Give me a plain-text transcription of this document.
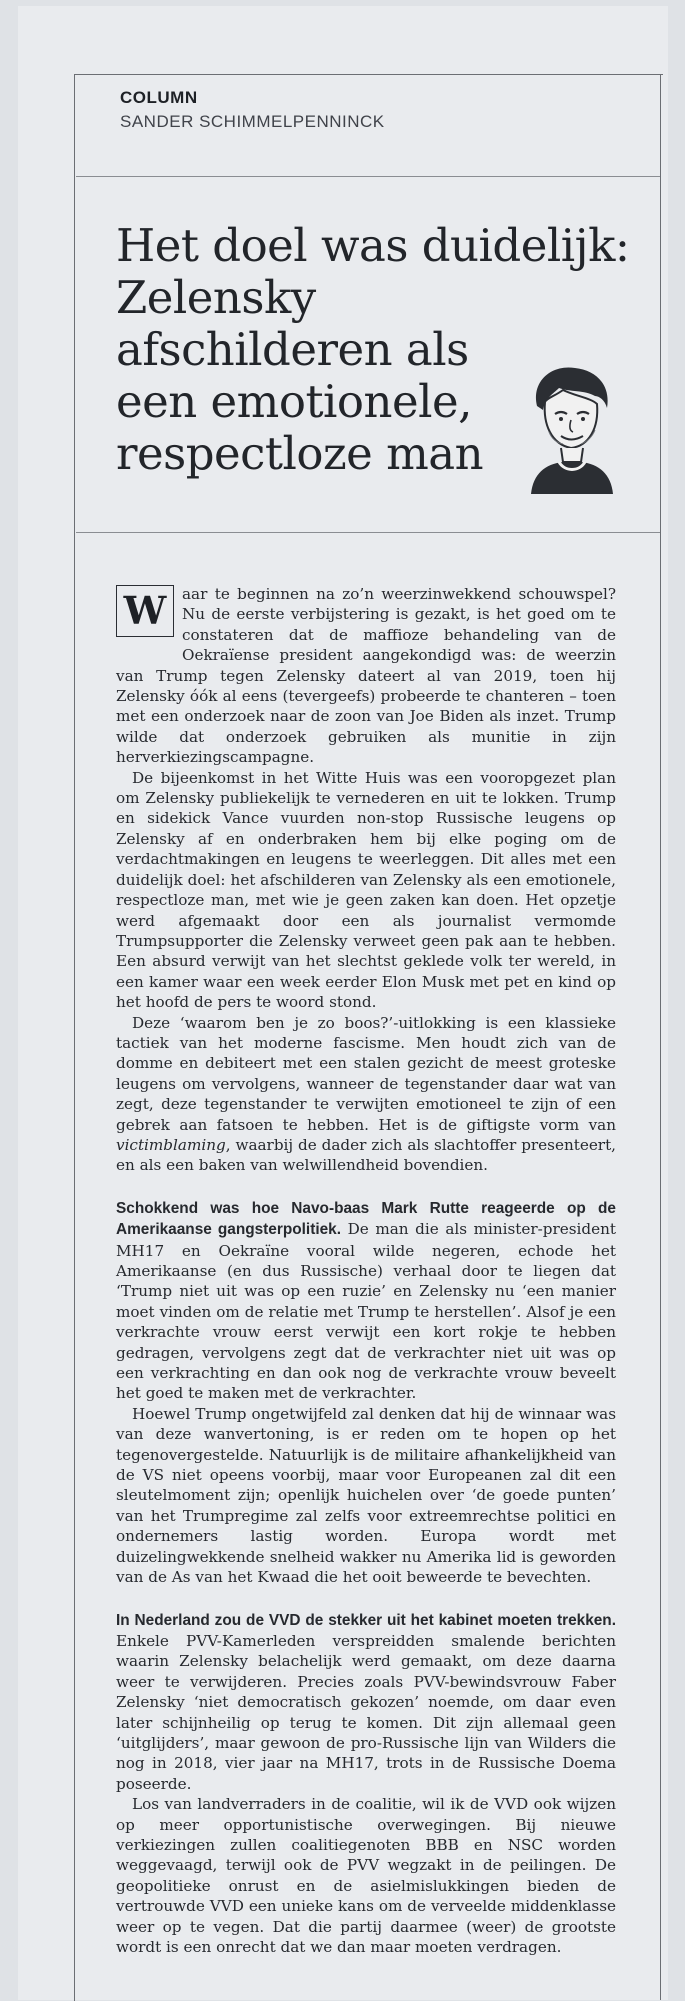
COLUMN
SANDER SCHIMMELPENNINCK
Het doel was duidelijk:
Zelensky
afschilderen als
een emotionele,
respectloze man
W	aar te beginnen na zo’n weerzinwekkend schouwspel? Nu de eerste verbijstering is gezakt, is het goed om te constateren dat de maffioze behandeling van de Oekraïense president aangekondigd was: de weerzin van Trump tegen Zelensky dateert al van 2019, toen hij Zelensky óók al eens (tevergeefs) probeerde te chanteren – toen met een onderzoek naar de zoon van Joe Biden als inzet. Trump wilde dat onderzoek gebruiken als munitie in zijn herverkiezingscampagne.

De bijeenkomst in het Witte Huis was een vooropgezet plan om Zelensky publiekelijk te vernederen en uit te lokken. Trump en sidekick Vance vuurden non-stop Russische leugens op Zelensky af en onderbraken hem bij elke poging om de verdachtmakingen en leugens te weerleggen. Dit alles met een duidelijk doel: het afschilderen van Zelensky als een emotionele, respectloze man, met wie je geen zaken kan doen. Het opzetje werd afgemaakt door een als journalist vermomde Trumpsupporter die Zelensky verweet geen pak aan te hebben. Een absurd verwijt van het slechtst geklede volk ter wereld, in een kamer waar een week eerder Elon Musk met pet en kind op het hoofd de pers te woord stond.

Deze ‘waarom ben je zo boos?’-uitlokking is een klassieke tactiek van het moderne fascisme. Men houdt zich van de domme en debiteert met een stalen gezicht de meest groteske leugens om vervolgens, wanneer de tegenstander daar wat van zegt, deze tegenstander te verwijten emotioneel te zijn of een gebrek aan fatsoen te hebben. Het is de giftigste vorm van victimblaming, waarbij de dader zich als slachtoffer presenteert, en als een baken van welwillendheid bovendien.

Schokkend was hoe Navo-baas Mark Rutte reageerde op de Amerikaanse gangsterpolitiek. De man die als minister-president MH17 en Oekraïne vooral wilde negeren, echode het Amerikaanse (en dus Russische) verhaal door te liegen dat ‘Trump niet uit was op een ruzie’ en Zelensky nu ‘een manier moet vinden om de relatie met Trump te herstellen’. Alsof je een verkrachte vrouw eerst verwijt een kort rokje te hebben gedragen, vervolgens zegt dat de verkrachter niet uit was op een verkrachting en dan ook nog de verkrachte vrouw beveelt het goed te maken met de verkrachter.

Hoewel Trump ongetwijfeld zal denken dat hij de winnaar was van deze wanvertoning, is er reden om te hopen op het tegenovergestelde. Natuurlijk is de militaire afhankelijkheid van de VS niet opeens voorbij, maar voor Europeanen zal dit een sleutelmoment zijn; openlijk huichelen over ‘de goede punten’ van het Trumpregime zal zelfs voor extreemrechtse politici en ondernemers lastig worden. Europa wordt met duizelingwekkende snelheid wakker nu Amerika lid is geworden van de As van het Kwaad die het ooit beweerde te bevechten.

In Nederland zou de VVD de stekker uit het kabinet moeten trekken. Enkele PVV-Kamerleden verspreidden smalende berichten waarin Zelensky belachelijk werd gemaakt, om deze daarna weer te verwijderen. Precies zoals PVV-bewindsvrouw Faber Zelensky ‘niet democratisch gekozen’ noemde, om daar even later schijnheilig op terug te komen. Dit zijn allemaal geen ‘uitglijders’, maar gewoon de pro-Russische lijn van Wilders die nog in 2018, vier jaar na MH17, trots in de Russische Doema poseerde.

Los van landverraders in de coalitie, wil ik de VVD ook wijzen op meer opportunistische overwegingen. Bij nieuwe verkiezingen zullen coalitiegenoten BBB en NSC worden weggevaagd, terwijl ook de PVV wegzakt in de peilingen. De geopolitieke onrust en de asielmislukkingen bieden de vertrouwde VVD een unieke kans om de verveelde middenklasse weer op te vegen. Dat die partij daarmee (weer) de grootste wordt is een onrecht dat we dan maar moeten verdragen.
